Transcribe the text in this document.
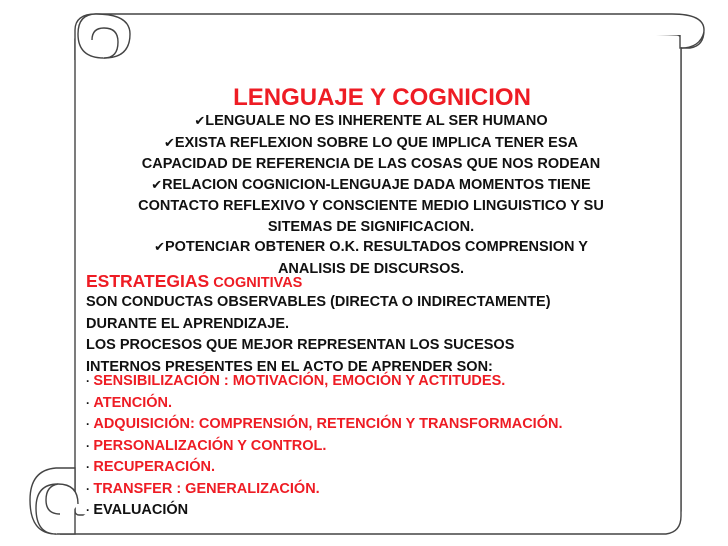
LENGUAJE Y COGNICION
✔LENGUALE NO ES INHERENTE AL SER HUMANO
✔EXISTA REFLEXION SOBRE LO QUE IMPLICA TENER ESA
CAPACIDAD DE REFERENCIA DE LAS COSAS QUE NOS RODEAN
✔RELACION COGNICION-LENGUAJE DADA MOMENTOS TIENE
CONTACTO REFLEXIVO Y CONSCIENTE MEDIO LINGUISTICO Y SU
SITEMAS DE SIGNIFICACION.
✔POTENCIAR OBTENER O.K. RESULTADOS COMPRENSION Y
ANALISIS DE DISCURSOS.
ESTRATEGIAS COGNITIVAS
SON CONDUCTAS OBSERVABLES (DIRECTA O INDIRECTAMENTE)
DURANTE EL APRENDIZAJE.
LOS PROCESOS QUE MEJOR REPRESENTAN LOS SUCESOS
INTERNOS PRESENTES EN EL ACTO DE APRENDER SON:
· SENSIBILIZACIÓN : MOTIVACIÓN, EMOCIÓN Y ACTITUDES.
· ATENCIÓN.
· ADQUISICIÓN: COMPRENSIÓN, RETENCIÓN Y TRANSFORMACIÓN.
· PERSONALIZACIÓN Y CONTROL.
· RECUPERACIÓN.
· TRANSFER : GENERALIZACIÓN.
· EVALUACIÓN
